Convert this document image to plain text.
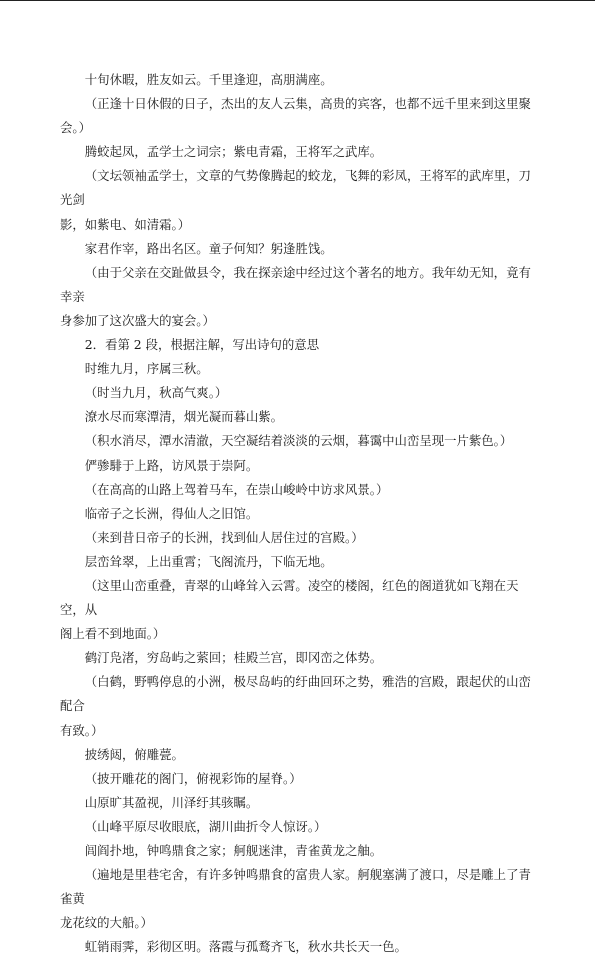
十旬休暇，胜友如云。千里逢迎，高朋满座。

（正逢十日休假的日子，杰出的友人云集，高贵的宾客，也都不远千里来到这里聚会。）

腾蛟起凤，孟学士之词宗；紫电青霜，王将军之武库。

（文坛领袖孟学士，文章的气势像腾起的蛟龙，飞舞的彩凤，王将军的武库里，刀光剑

影，如紫电、如清霜。）

家君作宰，路出名区。童子何知？躬逢胜饯。

（由于父亲在交趾做县令，我在探亲途中经过这个著名的地方。我年幼无知，竟有幸亲

身参加了这次盛大的宴会。）

2．看第 2 段，根据注解，写出诗句的意思

时维九月，序属三秋。

（时当九月，秋高气爽。）

潦水尽而寒潭清，烟光凝而暮山紫。

（积水消尽，潭水清澈，天空凝结着淡淡的云烟，暮霭中山峦呈现一片紫色。）

俨骖騑于上路，访风景于崇阿。

（在高高的山路上驾着马车，在崇山峻岭中访求风景。）

临帝子之长洲，得仙人之旧馆。

（来到昔日帝子的长洲，找到仙人居住过的宫殿。）

层峦耸翠，上出重霄；飞阁流丹，下临无地。

（这里山峦重叠，青翠的山峰耸入云霄。凌空的楼阁，红色的阁道犹如飞翔在天空，从

阁上看不到地面。）

鹤汀凫渚，穷岛屿之萦回；桂殿兰宫，即冈峦之体势。

（白鹤，野鸭停息的小洲，极尽岛屿的纡曲回环之势，雅浩的宫殿，跟起伏的山峦配合

有致。）

披绣闼，俯雕甍。

（披开雕花的阁门，俯视彩饰的屋脊。）

山原旷其盈视，川泽纡其骇瞩。

（山峰平原尽收眼底，湖川曲折令人惊讶。）

闾阎扑地，钟鸣鼎食之家；舸舰迷津，青雀黄龙之舳。

（遍地是里巷宅舍，有许多钟鸣鼎食的富贵人家。舸舰塞满了渡口，尽是雕上了青雀黄

龙花纹的大船。）

虹销雨霁，彩彻区明。落霞与孤鹜齐飞，秋水共长天一色。
